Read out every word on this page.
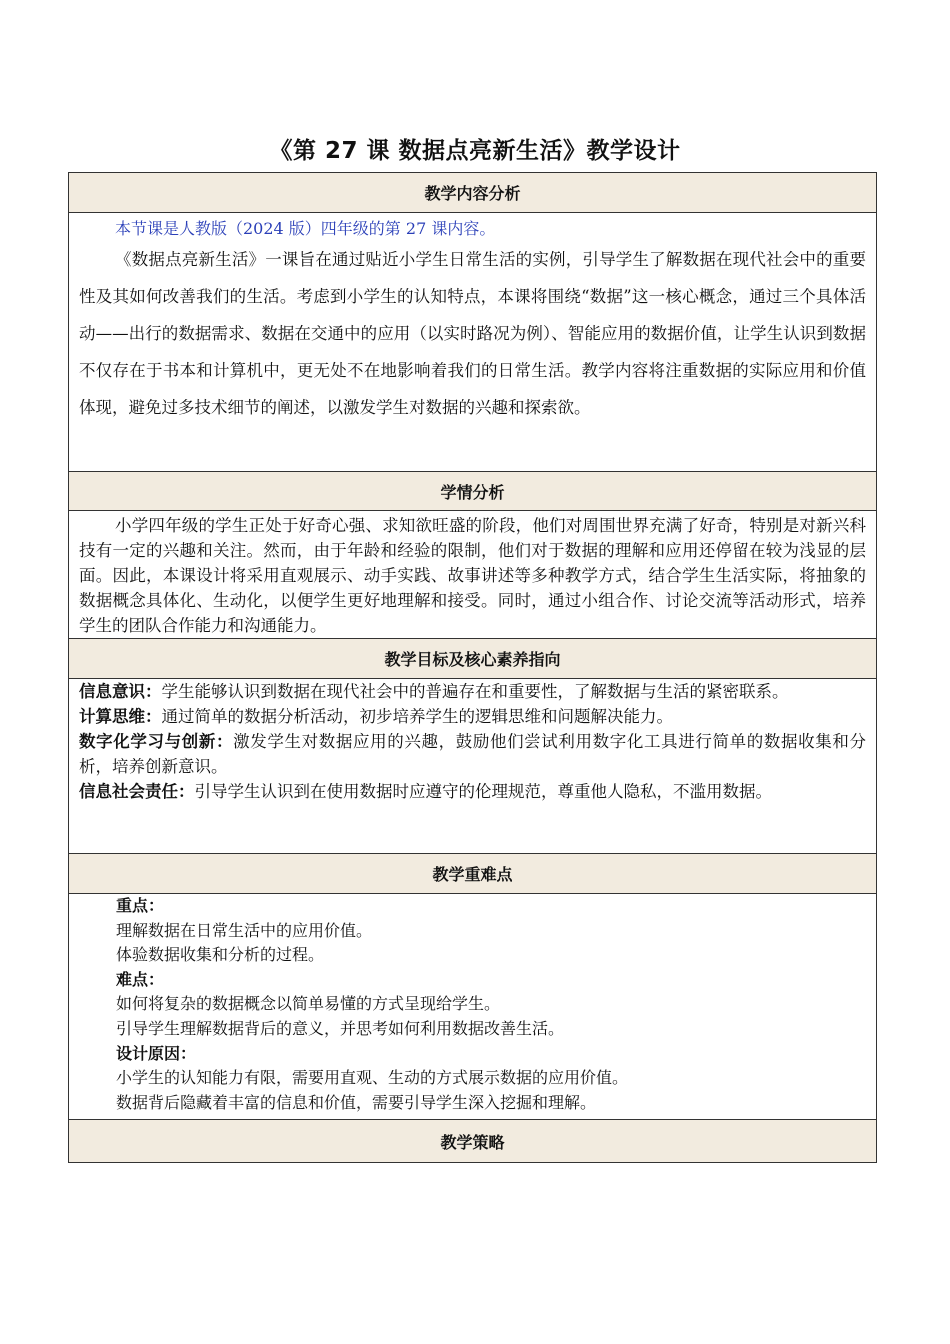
《第 27 课 数据点亮新生活》教学设计
教学内容分析

本节课是人教版（2024 版）四年级的第 27 课内容。

《数据点亮新生活》一课旨在通过贴近小学生日常生活的实例，引导学生了解数据在现代社会中的重要性及其如何改善我们的生活。考虑到小学生的认知特点，本课将围绕“数据”这一核心概念，通过三个具体活动——出行的数据需求、数据在交通中的应用（以实时路况为例）、智能应用的数据价值，让学生认识到数据不仅存在于书本和计算机中，更无处不在地影响着我们的日常生活。教学内容将注重数据的实际应用和价值体现，避免过多技术细节的阐述，以激发学生对数据的兴趣和探索欲。

学情分析

小学四年级的学生正处于好奇心强、求知欲旺盛的阶段，他们对周围世界充满了好奇，特别是对新兴科技有一定的兴趣和关注。然而，由于年龄和经验的限制，他们对于数据的理解和应用还停留在较为浅显的层面。因此，本课设计将采用直观展示、动手实践、故事讲述等多种教学方式，结合学生生活实际，将抽象的数据概念具体化、生动化，以便学生更好地理解和接受。同时，通过小组合作、讨论交流等活动形式，培养学生的团队合作能力和沟通能力。

教学目标及核心素养指向

信息意识：学生能够认识到数据在现代社会中的普遍存在和重要性，了解数据与生活的紧密联系。

计算思维：通过简单的数据分析活动，初步培养学生的逻辑思维和问题解决能力。

数字化学习与创新：激发学生对数据应用的兴趣，鼓励他们尝试利用数字化工具进行简单的数据收集和分析，培养创新意识。

信息社会责任：引导学生认识到在使用数据时应遵守的伦理规范，尊重他人隐私，不滥用数据。

教学重难点

重点：

理解数据在日常生活中的应用价值。

体验数据收集和分析的过程。

难点：

如何将复杂的数据概念以简单易懂的方式呈现给学生。

引导学生理解数据背后的意义，并思考如何利用数据改善生活。

设计原因：

小学生的认知能力有限，需要用直观、生动的方式展示数据的应用价值。

数据背后隐藏着丰富的信息和价值，需要引导学生深入挖掘和理解。

教学策略
